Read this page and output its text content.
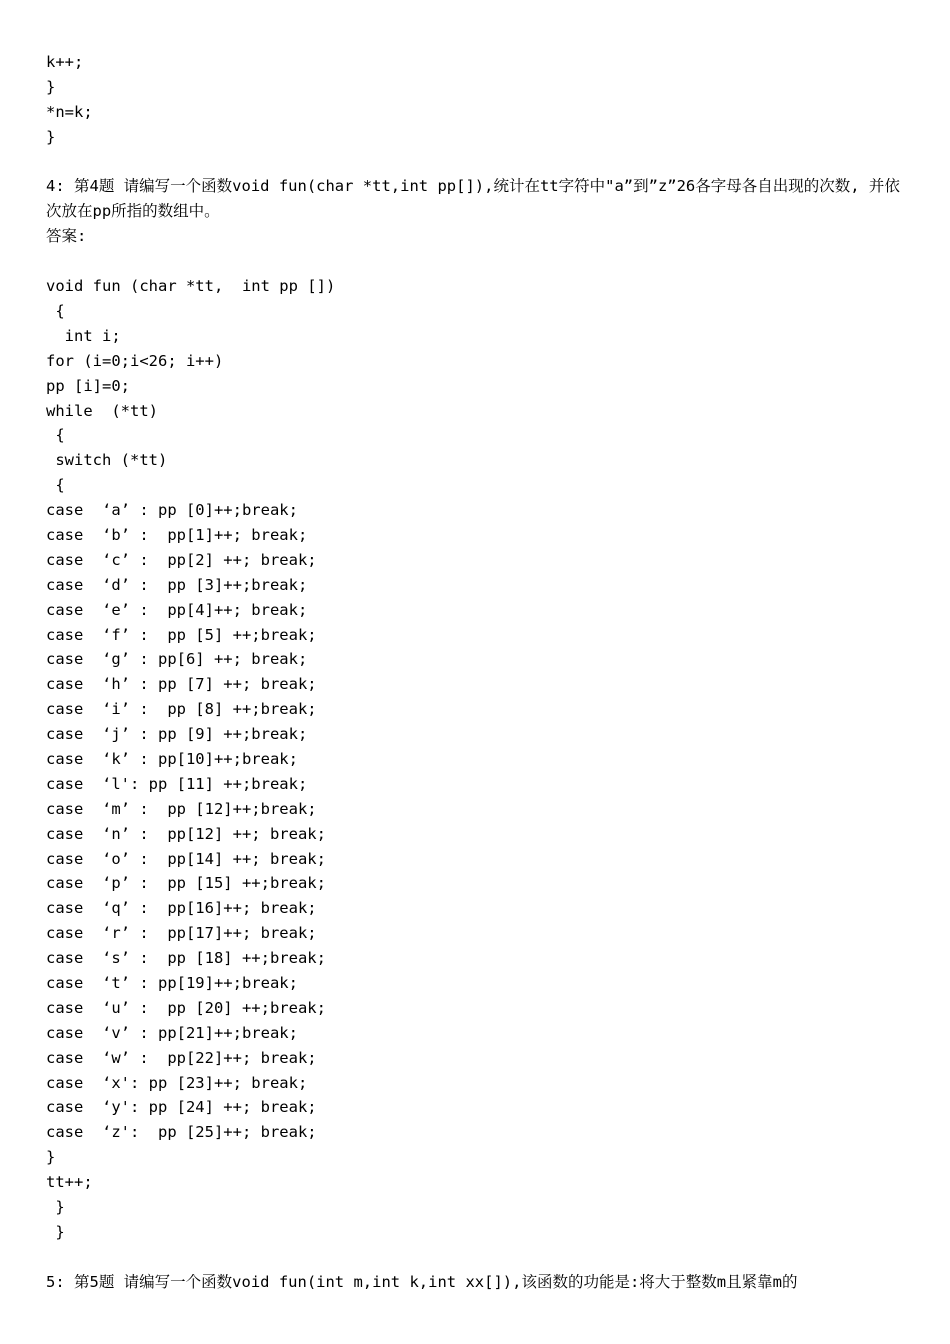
k++;
}
*n=k;
}
4: 第4题 请编写一个函数void fun(char *tt,int pp[]),统计在tt字符中"a”到”z”26各字母各自出现的次数, 并依次放在pp所指的数组中。
答案:
void fun (char *tt,  int pp [])
{
int i;
for (i=0;i<26; i++)
pp [i]=0;
while  (*tt)
{
switch (*tt)
{
case  ‘a’ : pp [0]++;break;
case  ‘b’ :  pp[1]++; break;
case  ‘c’ :  pp[2] ++; break;
case  ‘d’ :  pp [3]++;break;
case  ‘e’ :  pp[4]++; break;
case  ‘f’ :  pp [5] ++;break;
case  ‘g’ : pp[6] ++; break;
case  ‘h’ : pp [7] ++; break;
case  ‘i’ :  pp [8] ++;break;
case  ‘j’ : pp [9] ++;break;
case  ‘k’ : pp[10]++;break;
case  ‘l': pp [11] ++;break;
case  ‘m’ :  pp [12]++;break;
case  ‘n’ :  pp[12] ++; break;
case  ‘o’ :  pp[14] ++; break;
case  ‘p’ :  pp [15] ++;break;
case  ‘q’ :  pp[16]++; break;
case  ‘r’ :  pp[17]++; break;
case  ‘s’ :  pp [18] ++;break;
case  ‘t’ : pp[19]++;break;
case  ‘u’ :  pp [20] ++;break;
case  ‘v’ : pp[21]++;break;
case  ‘w’ :  pp[22]++; break;
case  ‘x': pp [23]++; break;
case  ‘y': pp [24] ++; break;
case  ‘z':  pp [25]++; break;
}
tt++;
}
}
5: 第5题 请编写一个函数void fun(int m,int k,int xx[]),该函数的功能是:将大于整数m且紧靠m的
